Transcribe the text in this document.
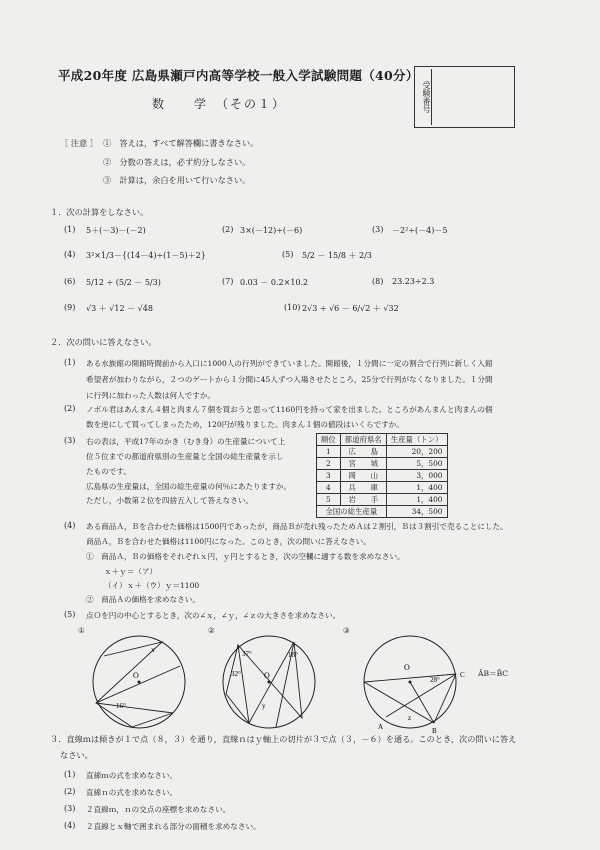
平成20年度 広島県瀬戸内高等学校一般入学試験問題（40分）
数　　学　（その１）	受験番号
［ 注意 ］ ①　答えは，すべて解答欄に書きなさい。
②　分数の答えは，必ず約分しなさい。
③　計算は，余白を用いて行いなさい。
１．次の計算をしなさい。
(1) 5＋(－3)－(－2)	(2) 3×(－12)÷(－6)	(3) －2²÷(－4)－5
(4) 3²×1/3－{(14－4)÷(1－5)＋2}	(5) 5/2 － 15/8 ＋ 2/3
(6) 5/12 ÷ (5/2 － 5/3)	(7) 0.03 － 0.2×10.2	(8) 23.23÷2.3
(9) √3 ＋ √12 － √48	(10) 2√3 ÷ √6 － 6/√2 ＋ √32
２．次の問いに答えなさい。
(1) ある水族館の開館時間前から入口に1000人の行列ができていました。開館後，１分間に一定の割合で行列に新しく入館
希望者が加わりながら，２つのゲートから１分間に45人ずつ入場させたところ，25分で行列がなくなりました。１分間
に行列に加わった人数は何人ですか。
(2) ノボル君はあんまん４個と肉まん７個を買おうと思って1160円を持って家を出ました。ところがあんまんと肉まんの個
数を逆にして買ってしまったため，120円が残りました。肉まん１個の値段はいくらですか。
(3) 右の表は，平成17年のかき（むき身）の生産量について上
位５位までの都道府県別の生産量と全国の総生産量を示し
たものです。
広島県の生産量は，全国の総生産量の何％にあたりますか。
ただし，小数第２位を四捨五入して答えなさい。
順位	都道府県名	生産量（トン）
1	広　　島	20，200
2	宮　　城	5，500
3	岡　　山	3，000
4	兵　　庫	1，400
5	岩　　手	1，400
全国の総生産量		34，500
(4) ある商品Ａ，Ｂを合わせた価格は1500円であったが，商品Ｂが売れ残ったためＡは２割引，Ｂは３割引で売ることにした。
商品Ａ，Ｂを合わせた価格は1100円になった。このとき，次の問いに答えなさい。
①　商品Ａ，Ｂの価格をそれぞれｘ円，ｙ円とするとき，次の空欄に適する数を求めなさい。
ｘ＋ｙ＝（ア）
（イ）ｘ＋（ウ）ｙ＝1100
②　商品Ａの価格を求めなさい。
(5) 点Ｏを円の中心とするとき，次の∠ｘ，∠ｙ，∠ｚの大きさを求めなさい。
①
O
x
16°
②
O
37°	18°
32°
y
③
O
28°
z
A	B
C ÂB＝B̂C
３．直線ｍは傾きが１で点（８，３）を通り，直線ｎはｙ軸上の切片が３で点（３，－６）を通る。このとき，次の問いに答え
なさい。
(1) 直線ｍの式を求めなさい。
(2) 直線ｎの式を求めなさい。
(3) ２直線ｍ，ｎの交点の座標を求めなさい。
(4) ２直線とｘ軸で囲まれる部分の面積を求めなさい。
